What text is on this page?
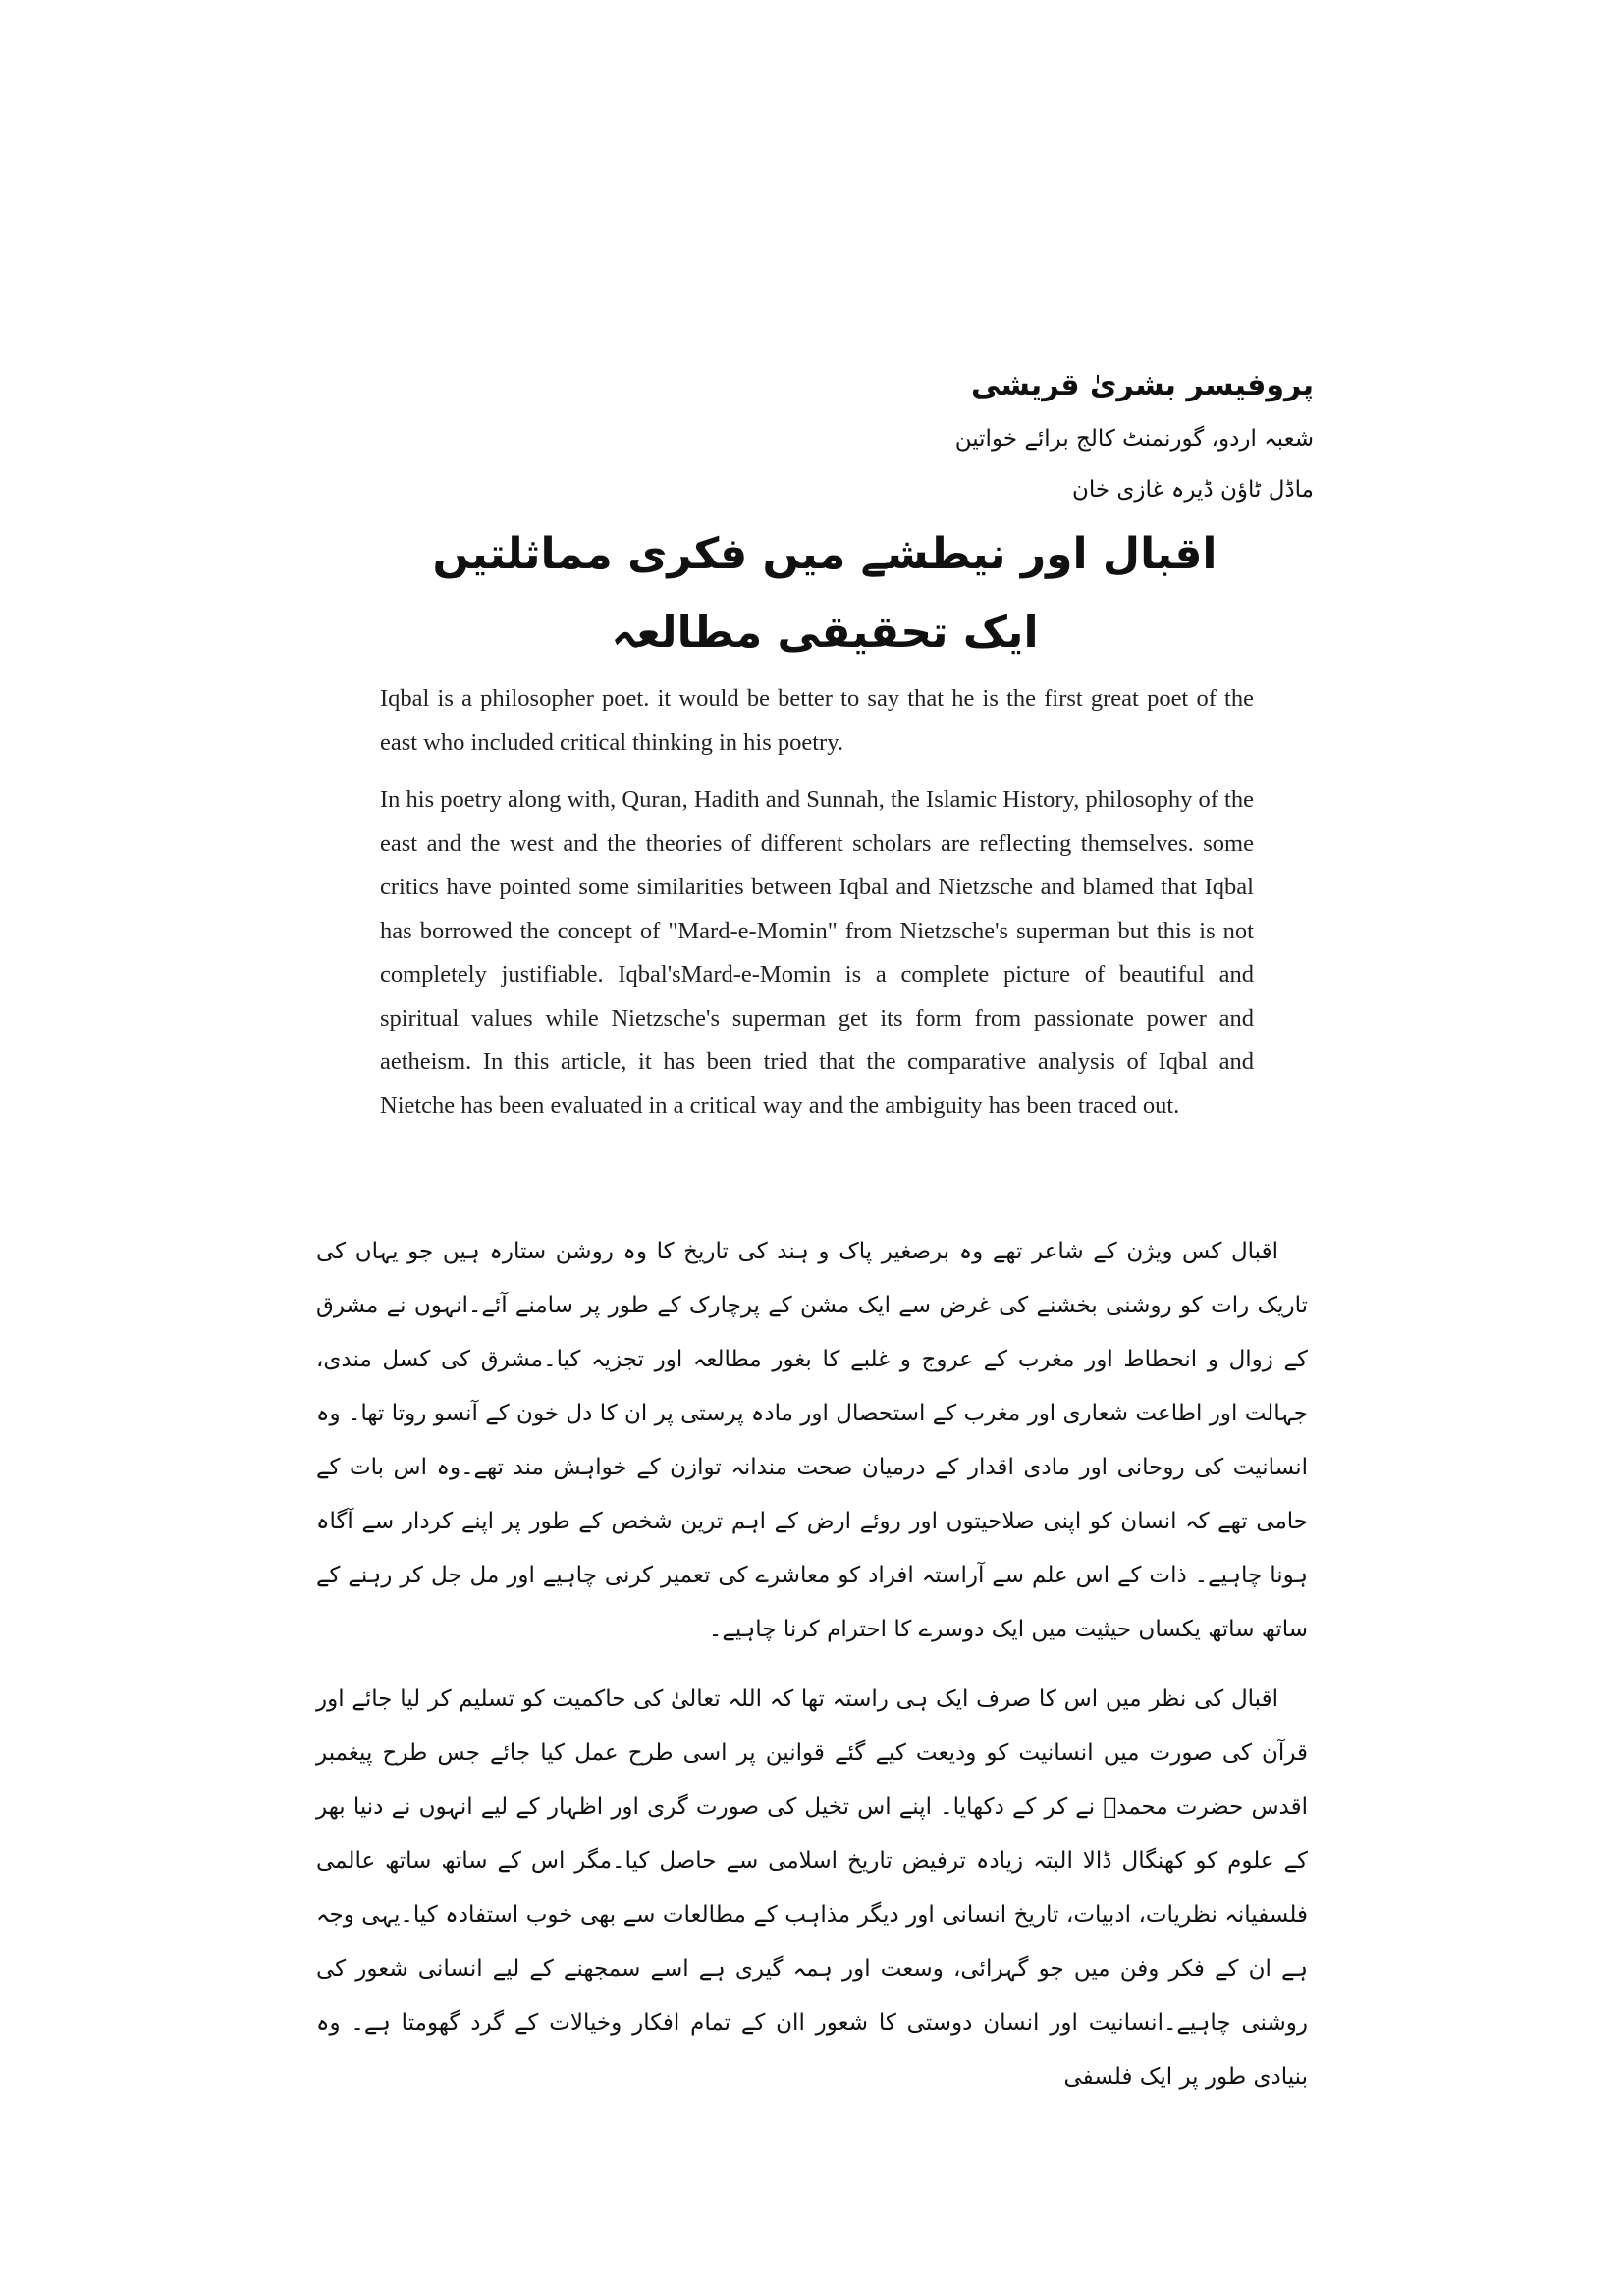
پروفیسر بشریٰ قریشی
شعبہ اردو، گورنمنٹ کالج برائے خواتین
ماڈل ٹاؤن ڈیرہ غازی خان
اقبال اور نیطشے میں فکری مماثلتیں ایک تحقیقی مطالعہ

Iqbal is a philosopher poet. it would be better to say that he is the first great poet of the east who included critical thinking in his poetry.

In his poetry along with, Quran, Hadith and Sunnah, the Islamic History, philosophy of the east and the west and the theories of different scholars are reflecting themselves. some critics have pointed some similarities between Iqbal and Nietzsche and blamed that Iqbal has borrowed the concept of "Mard-e-Momin" from Nietzsche's superman but this is not completely justifiable. Iqbal'sMard-e-Momin is a complete picture of beautiful and spiritual values while Nietzsche's superman get its form from passionate power and aetheism. In this article, it has been tried that the comparative analysis of Iqbal and Nietche has been evaluated in a critical way and the ambiguity has been traced out.

اقبال کس ویژن کے شاعر تھے وہ برصغیر پاک و ہند کی تاریخ کا وہ روشن ستارہ ہیں جو یہاں کی تاریک رات کو روشنی بخشنے کی غرض سے ایک مشن کے پرچارک کے طور پر سامنے آئے۔انہوں نے مشرق کے زوال و انحطاط اور مغرب کے عروج و غلبے کا بغور مطالعہ اور تجزیہ کیا۔مشرق کی کسل مندی، جہالت اور اطاعت شعاری اور مغرب کے استحصال اور مادہ پرستی پر ان کا دل خون کے آنسو روتا تھا۔ وہ انسانیت کی روحانی اور مادی اقدار کے درمیان صحت مندانہ توازن کے خواہش مند تھے۔وہ اس بات کے حامی تھے کہ انسان کو اپنی صلاحیتوں اور روئے ارض کے اہم ترین شخص کے طور پر اپنے کردار سے آگاہ ہونا چاہیے۔ ذات کے اس علم سے آراستہ افراد کو معاشرے کی تعمیر کرنی چاہیے اور مل جل کر رہنے کے ساتھ ساتھ یکساں حیثیت میں ایک دوسرے کا احترام کرنا چاہیے۔

اقبال کی نظر میں اس کا صرف ایک ہی راستہ تھا کہ اللہ تعالیٰ کی حاکمیت کو تسلیم کر لیا جائے اور قرآن کی صورت میں انسانیت کو ودیعت کیے گئے قوانین پر اسی طرح عمل کیا جائے جس طرح پیغمبر اقدس حضرت محمدؐ نے کر کے دکھایا۔ اپنے اس تخیل کی صورت گری اور اظہار کے لیے انہوں نے دنیا بھر کے علوم کو کھنگال ڈالا البتہ زیادہ ترفیض تاریخ اسلامی سے حاصل کیا۔مگر اس کے ساتھ ساتھ عالمی فلسفیانہ نظریات، ادبیات، تاریخ انسانی اور دیگر مذاہب کے مطالعات سے بھی خوب استفادہ کیا۔یہی وجہ ہے ان کے فکر وفن میں جو گہرائی، وسعت اور ہمہ گیری ہے اسے سمجھنے کے لیے انسانی شعور کی روشنی چاہیے۔انسانیت اور انسان دوستی کا شعور اان کے تمام افکار وخیالات کے گرد گھومتا ہے۔ وہ بنیادی طور پر ایک فلسفی
